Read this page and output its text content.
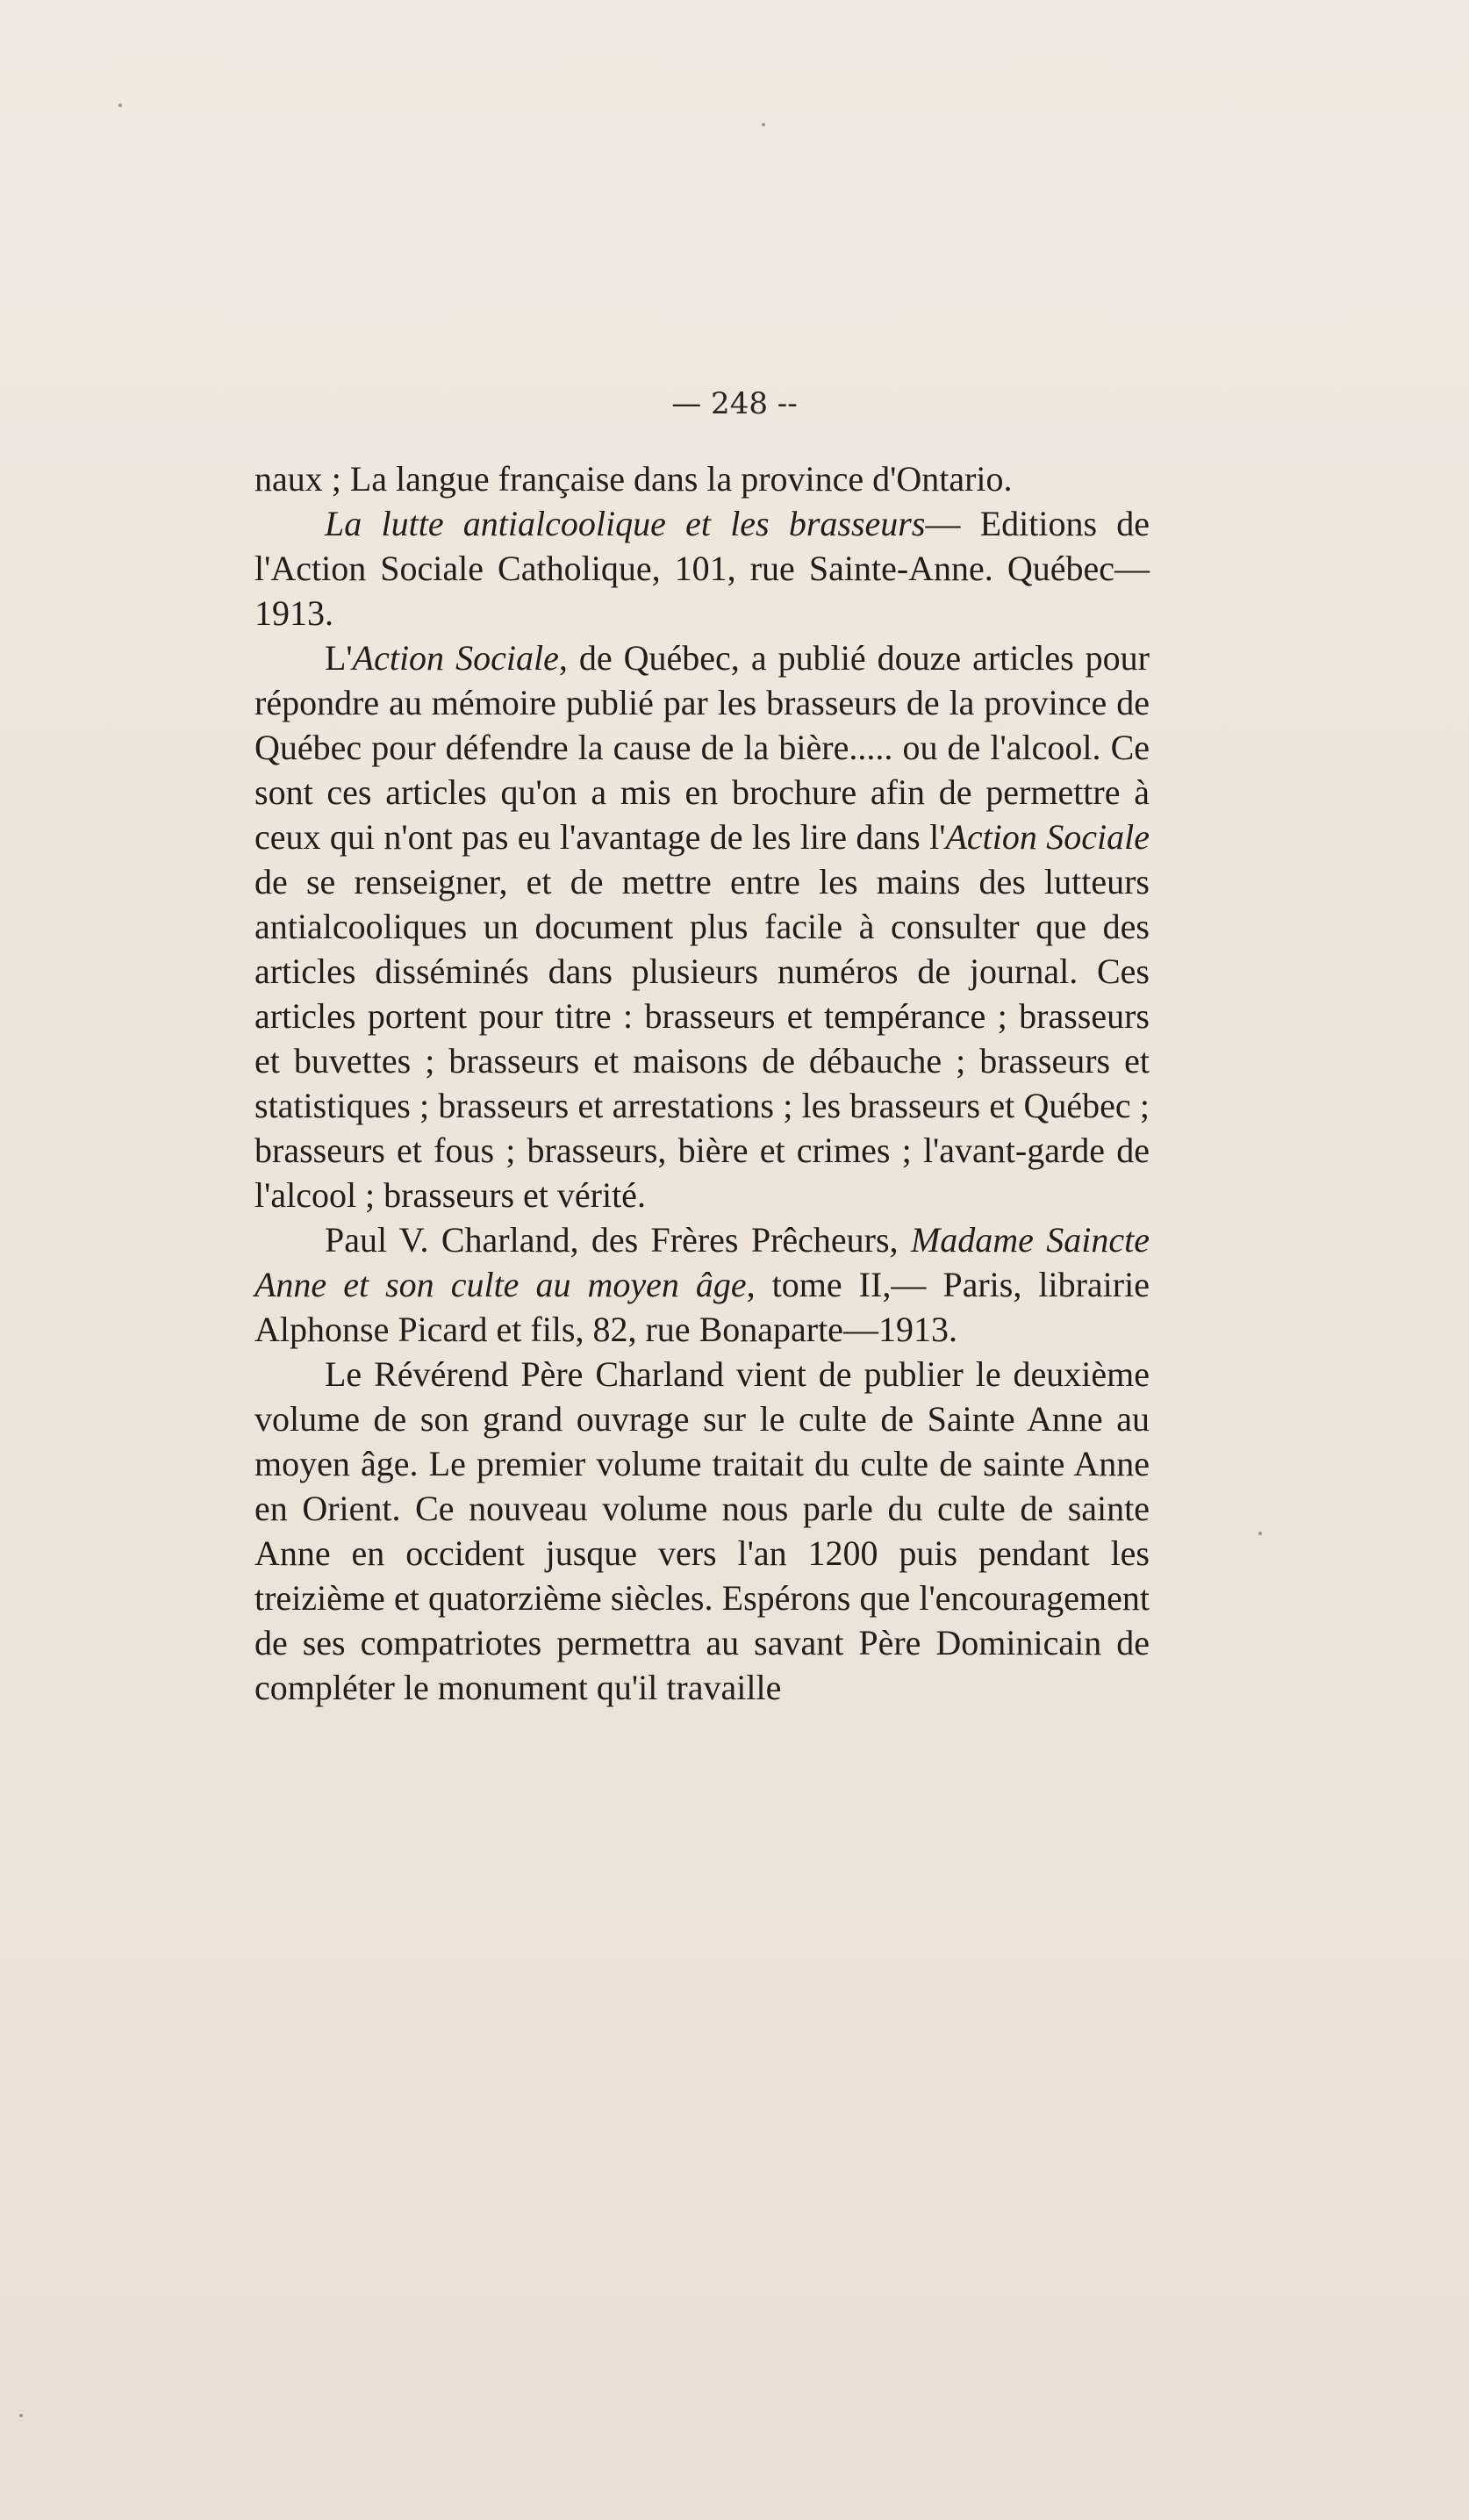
— 248 --

naux ; La langue française dans la province d'Ontario.

La lutte antialcoolique et les brasseurs— Editions de l'Action Sociale Catholique, 101, rue Sainte-Anne. Québec—1913.

L'Action Sociale, de Québec, a publié douze articles pour répondre au mémoire publié par les brasseurs de la province de Québec pour défendre la cause de la bière..... ou de l'alcool. Ce sont ces articles qu'on a mis en brochure afin de permettre à ceux qui n'ont pas eu l'avantage de les lire dans l'Action Sociale de se renseigner, et de mettre entre les mains des lutteurs antialcooliques un document plus facile à consulter que des articles disséminés dans plusieurs numéros de journal. Ces articles portent pour titre : brasseurs et tempérance ; brasseurs et buvettes ; brasseurs et maisons de débauche ; brasseurs et statistiques ; brasseurs et arrestations ; les brasseurs et Québec ; brasseurs et fous ; brasseurs, bière et crimes ; l'avant-garde de l'alcool ; brasseurs et vérité.

Paul V. Charland, des Frères Prêcheurs, Madame Saincte Anne et son culte au moyen âge, tome II,— Paris, librairie Alphonse Picard et fils, 82, rue Bonaparte—1913.

Le Révérend Père Charland vient de publier le deuxième volume de son grand ouvrage sur le culte de Sainte Anne au moyen âge. Le premier volume traitait du culte de sainte Anne en Orient. Ce nouveau volume nous parle du culte de sainte Anne en occident jusque vers l'an 1200 puis pendant les treizième et quatorzième siècles. Espérons que l'encouragement de ses compatriotes permettra au savant Père Dominicain de compléter le monument qu'il travaille
